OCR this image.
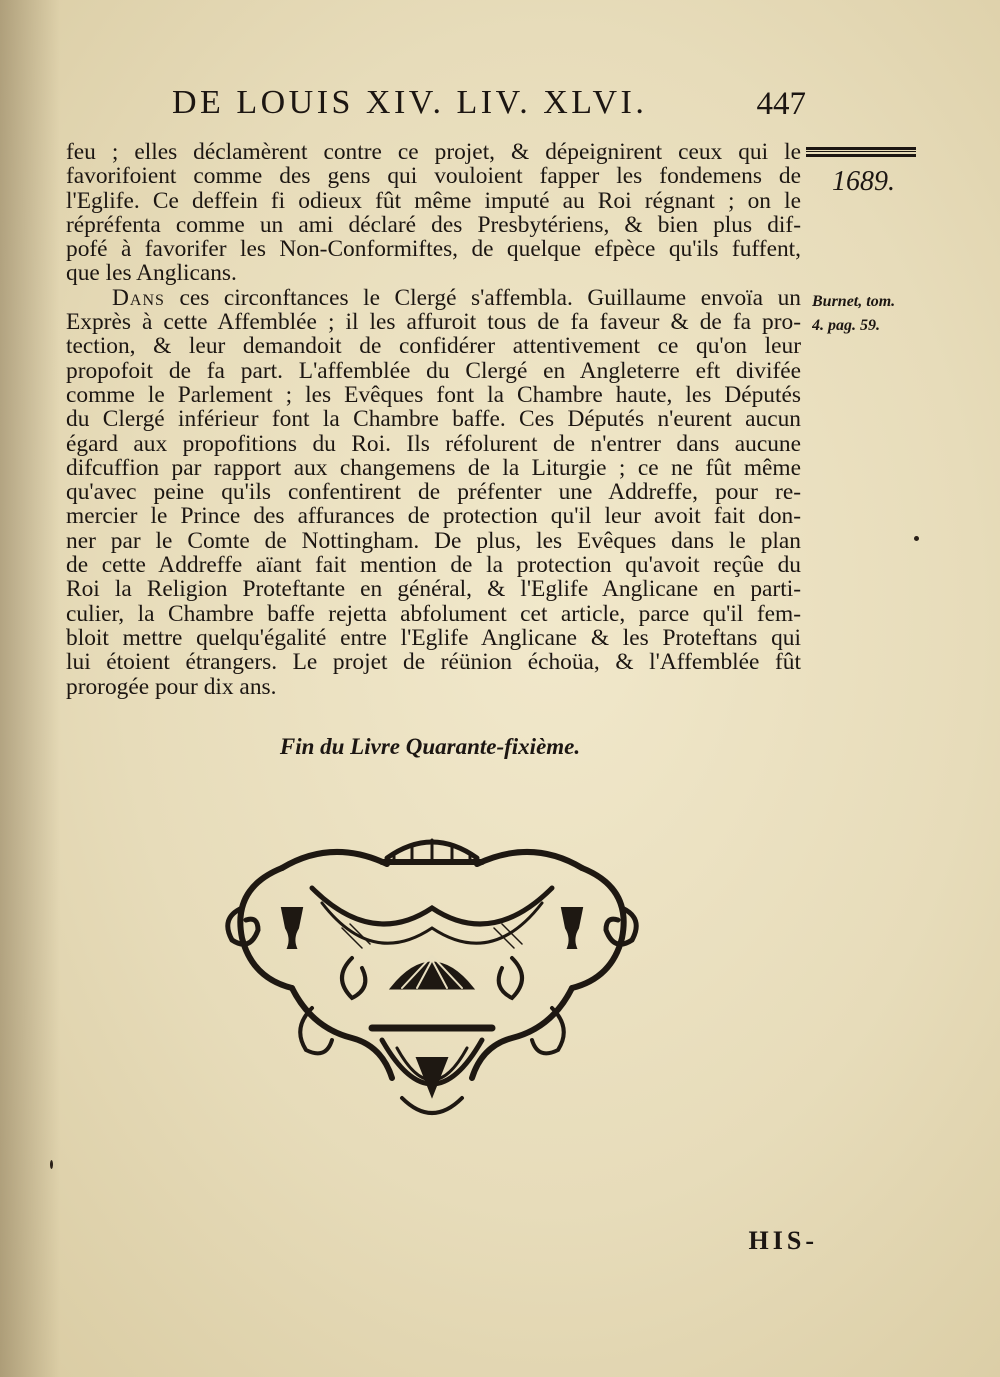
DE LOUIS XIV. LIV. XLVI.	447
1689.
Burnet, tom.
4. pag. 59.
feu ; elles déclamèrent contre ce projet, & dépeignirent ceux qui le
favorifoient comme des gens qui vouloient fapper les fondemens de
l'Eglife. Ce deffein fi odieux fût même imputé au Roi régnant ; on le
répréfenta comme un ami déclaré des Presbytériens, & bien plus dif-
pofé à favorifer les Non-Conformiftes, de quelque efpèce qu'ils fuffent,
que les Anglicans.
Dans ces circonftances le Clergé s'affembla. Guillaume envoïa un
Exprès à cette Affemblée ; il les affuroit tous de fa faveur & de fa pro-
tection, & leur demandoit de confidérer attentivement ce qu'on leur
propofoit de fa part. L'affemblée du Clergé en Angleterre eft divifée
comme le Parlement ; les Evêques font la Chambre haute, les Députés
du Clergé inférieur font la Chambre baffe. Ces Députés n'eurent aucun
égard aux propofitions du Roi. Ils réfolurent de n'entrer dans aucune
difcuffion par rapport aux changemens de la Liturgie ; ce ne fût même
qu'avec peine qu'ils confentirent de préfenter une Addreffe, pour re-
mercier le Prince des affurances de protection qu'il leur avoit fait don-
ner par le Comte de Nottingham. De plus, les Evêques dans le plan
de cette Addreffe aïant fait mention de la protection qu'avoit reçûe du
Roi la Religion Proteftante en général, & l'Eglife Anglicane en parti-
culier, la Chambre baffe rejetta abfolument cet article, parce qu'il fem-
bloit mettre quelqu'égalité entre l'Eglife Anglicane & les Proteftans qui
lui étoient étrangers. Le projet de réünion échoüa, & l'Affemblée fût
prorogée pour dix ans.
Fin du Livre Quarante-fixième.
HIS-
